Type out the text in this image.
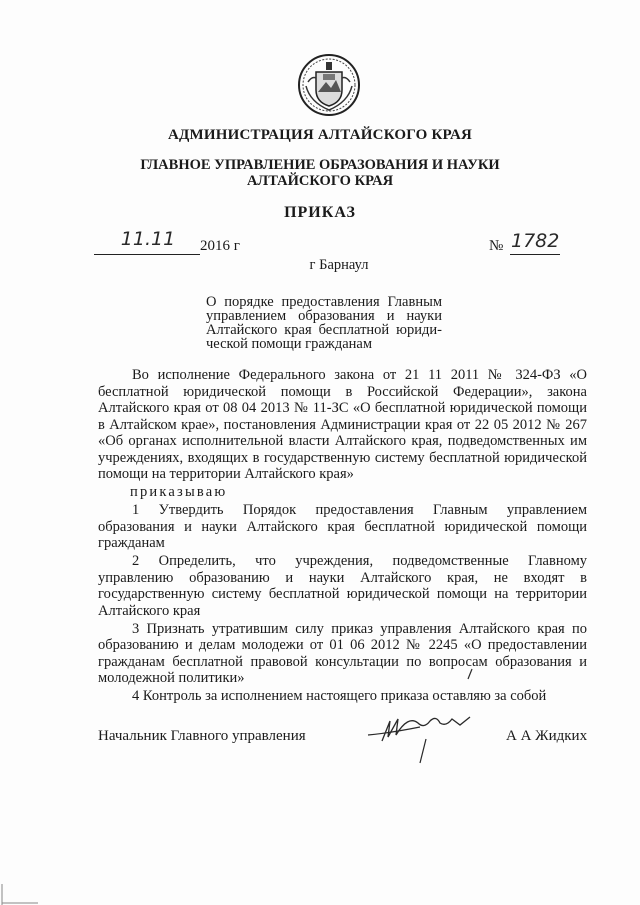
АДМИНИСТРАЦИЯ АЛТАЙСКОГО КРАЯ
ГЛАВНОЕ УПРАВЛЕНИЕ ОБРАЗОВАНИЯ И НАУКИ
АЛТАЙСКОГО КРАЯ
ПРИКАЗ
11.11	2016 г	№ 1782
г Барнаул
О порядке предоставления Главным
управлением образования и науки
Алтайского края бесплатной юриди-
ческой помощи гражданам

Во исполнение Федерального закона от 21 11 2011 № 324-ФЗ «О бесплатной юридической помощи в Российской Федерации», закона Алтайского края от 08 04 2013 № 11-ЗС «О бесплатной юридической помощи в Алтайском крае», постановления Администрации края от 22 05 2012 № 267 «Об органах исполнительной власти Алтайского края, подведомственных им учреждениях, входящих в государственную систему бесплатной юридической помощи на территории Алтайского края»

приказываю

1 Утвердить Порядок предоставления Главным управлением образования и науки Алтайского края бесплатной юридической помощи гражданам

2 Определить, что учреждения, подведомственные Главному управлению образованию и науки Алтайского края, не входят в государственную систему бесплатной юридической помощи на территории Алтайского края

3 Признать утратившим силу приказ управления Алтайского края по образованию и делам молодежи от 01 06 2012 № 2245 «О предоставлении гражданам бесплатной правовой консультации по вопросам образования и молодежной политики»

4 Контроль за исполнением настоящего приказа оставляю за собой

Начальник Главного управления	А А Жидких
